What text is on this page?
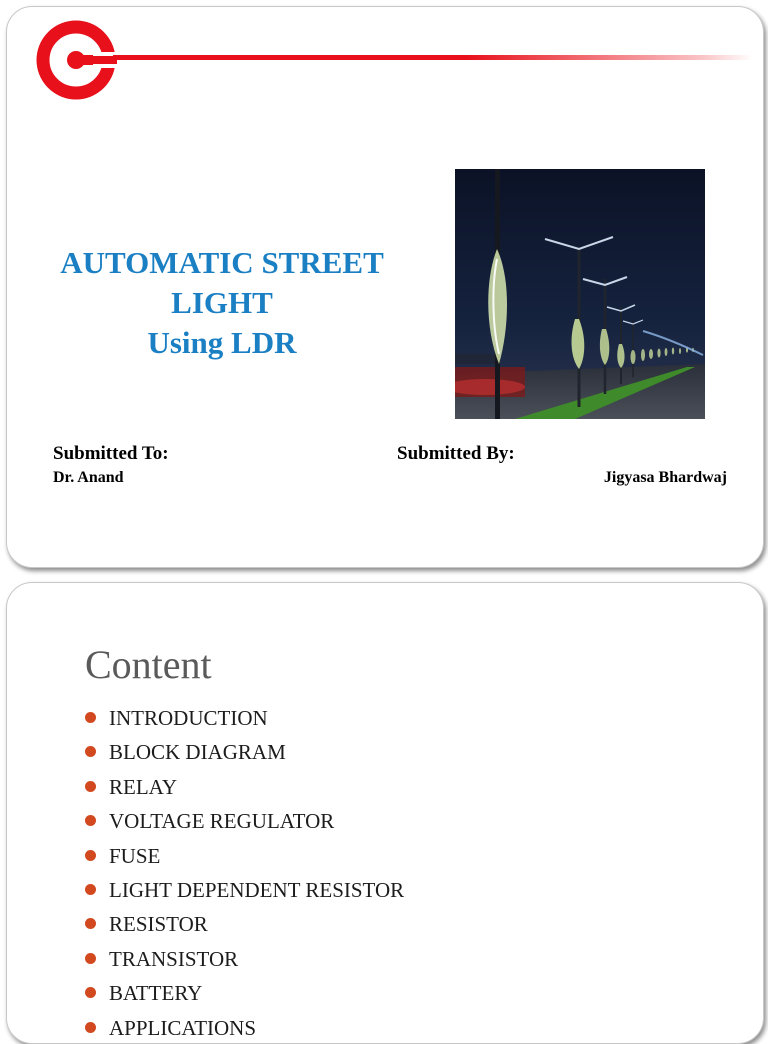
AUTOMATIC STREET
LIGHT
Using LDR
Submitted To:
Dr. Anand
Submitted By:
Jigyasa Bhardwaj
Content
INTRODUCTION
BLOCK DIAGRAM
RELAY
VOLTAGE REGULATOR
FUSE
LIGHT DEPENDENT RESISTOR
RESISTOR
TRANSISTOR
BATTERY
APPLICATIONS
